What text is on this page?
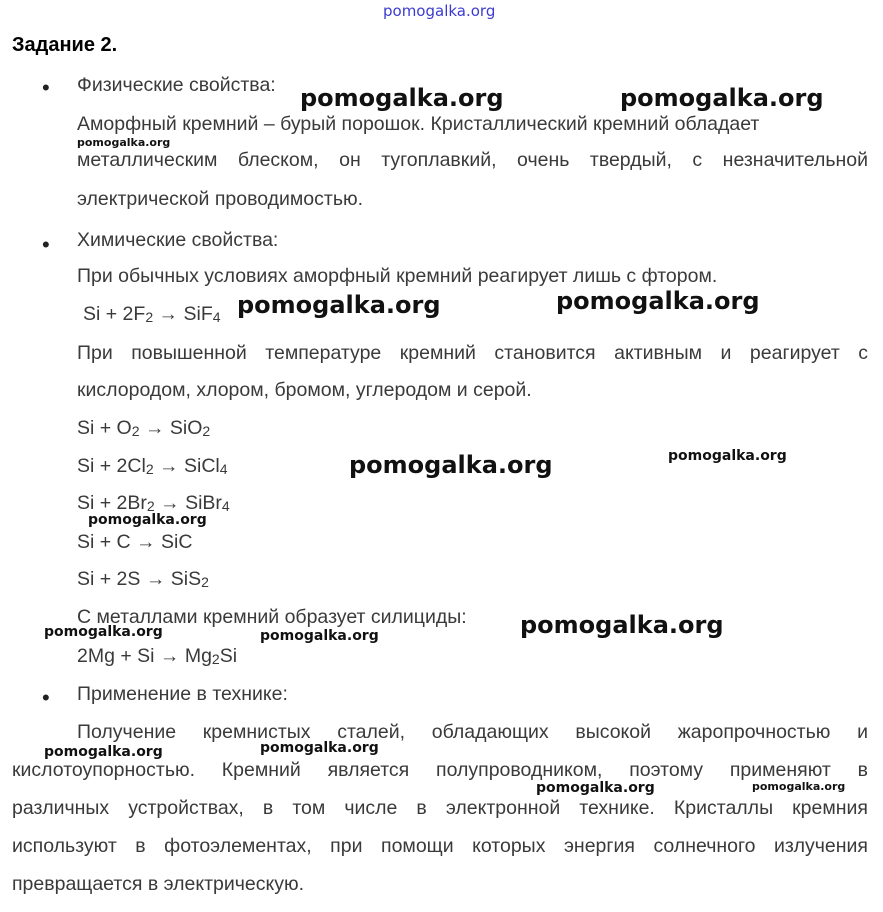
pomogalka.org
Задание 2.
• Физические свойства:
Аморфный кремний – бурый порошок. Кристаллический кремний обладает
металлическим блеском, он тугоплавкий, очень твердый, с незначительной
электрической проводимостью.
• Химические свойства:
При обычных условиях аморфный кремний реагирует лишь с фтором.
$Si + 2F_2 \to SiF_4$
При повышенной температуре кремний становится активным и реагирует с
кислородом, хлором, бромом, углеродом и серой.
$Si + O_2 \to SiO_2$
$Si + 2Cl_2$ → SiCl$_4$
$Si + 2Br_2$ → SiBr$_4$
Si + C → SiC
Si + 2S → SiS$_2$
С металлами кремний образует силициды:
$2Mg + Si \to Mg_2Si$
• Применение в технике:
Получение кремнистых сталей, обладающих высокой жаропрочностью и
кислотоупорностью. Кремний является полупроводником, поэтому применяют в
различных устройствах, в том числе в электронной технике. Кристаллы кремния
используют в фотоэлементах, при помощи которых энергия солнечного излучения
превращается в электрическую.
pomogalka.org	pomogalka.org
pomogalka.org
pomogalka.org	pomogalka.org
pomogalka.org	pomogalka.org
pomogalka.org
pomogalka.org
pomogalka.org	pomogalka.org
pomogalka.org	pomogalka.org
pomogalka.org	pomogalka.org
